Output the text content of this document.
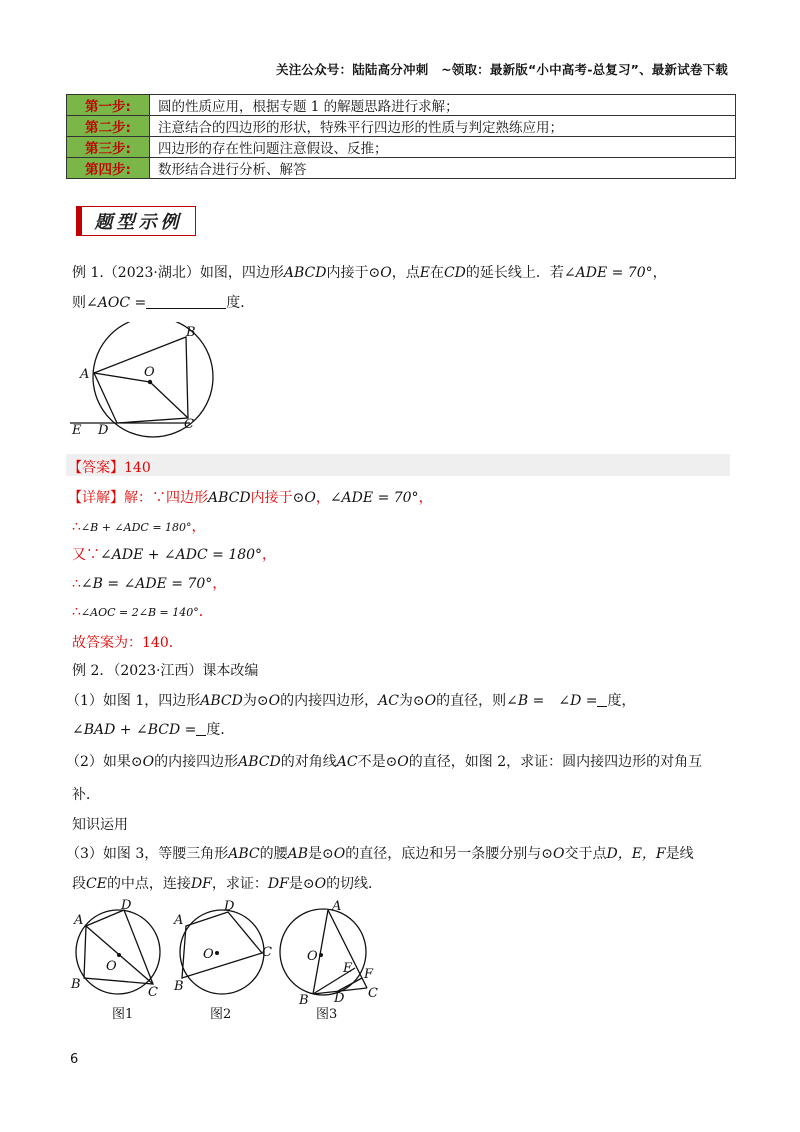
关注公众号：陆陆高分冲刺　~领取：最新版“小中高考-总复习”、最新试卷下载
第一步:	圆的性质应用，根据专题 1 的解题思路进行求解；
第二步:	注意结合的四边形的形状，特殊平行四边形的性质与判定熟练应用；
第三步:	四边形的存在性问题注意假设、反推；
第四步:	数形结合进行分析、解答
题型示例
例 1.（2023·湖北）如图，四边形ABCD内接于⊙O，点E在CD的延长线上．若∠ADE = 70°，
则∠AOC =	度．
A
B
C
D
E
O
【答案】140
【详解】解：∵四边形ABCD内接于⊙O，∠ADE = 70°，
∴∠B + ∠ADC = 180°，
又∵∠ADE + ∠ADC = 180°，
∴∠B = ∠ADE = 70°，
∴∠AOC = 2∠B = 140°．
故答案为：140．
例 2．（2023·江西）课本改编
（1）如图 1，四边形ABCD为⊙O的内接四边形，AC为⊙O的直径，则∠B =　∠D = 度，
∠BAD + ∠BCD = 度．
（2）如果⊙O的内接四边形ABCD的对角线AC不是⊙O的直径，如图 2，求证：圆内接四边形的对角互
补．
知识运用
（3）如图 3，等腰三角形ABC的腰AB是⊙O的直径，底边和另一条腰分别与⊙O交于点D，E，F是线
段CE的中点，连接DF，求证：DF是⊙O的切线．
A
D
B
C
O
图1
A
D
C
B
O
图2
A
O
E F
C
B D
图3
6
